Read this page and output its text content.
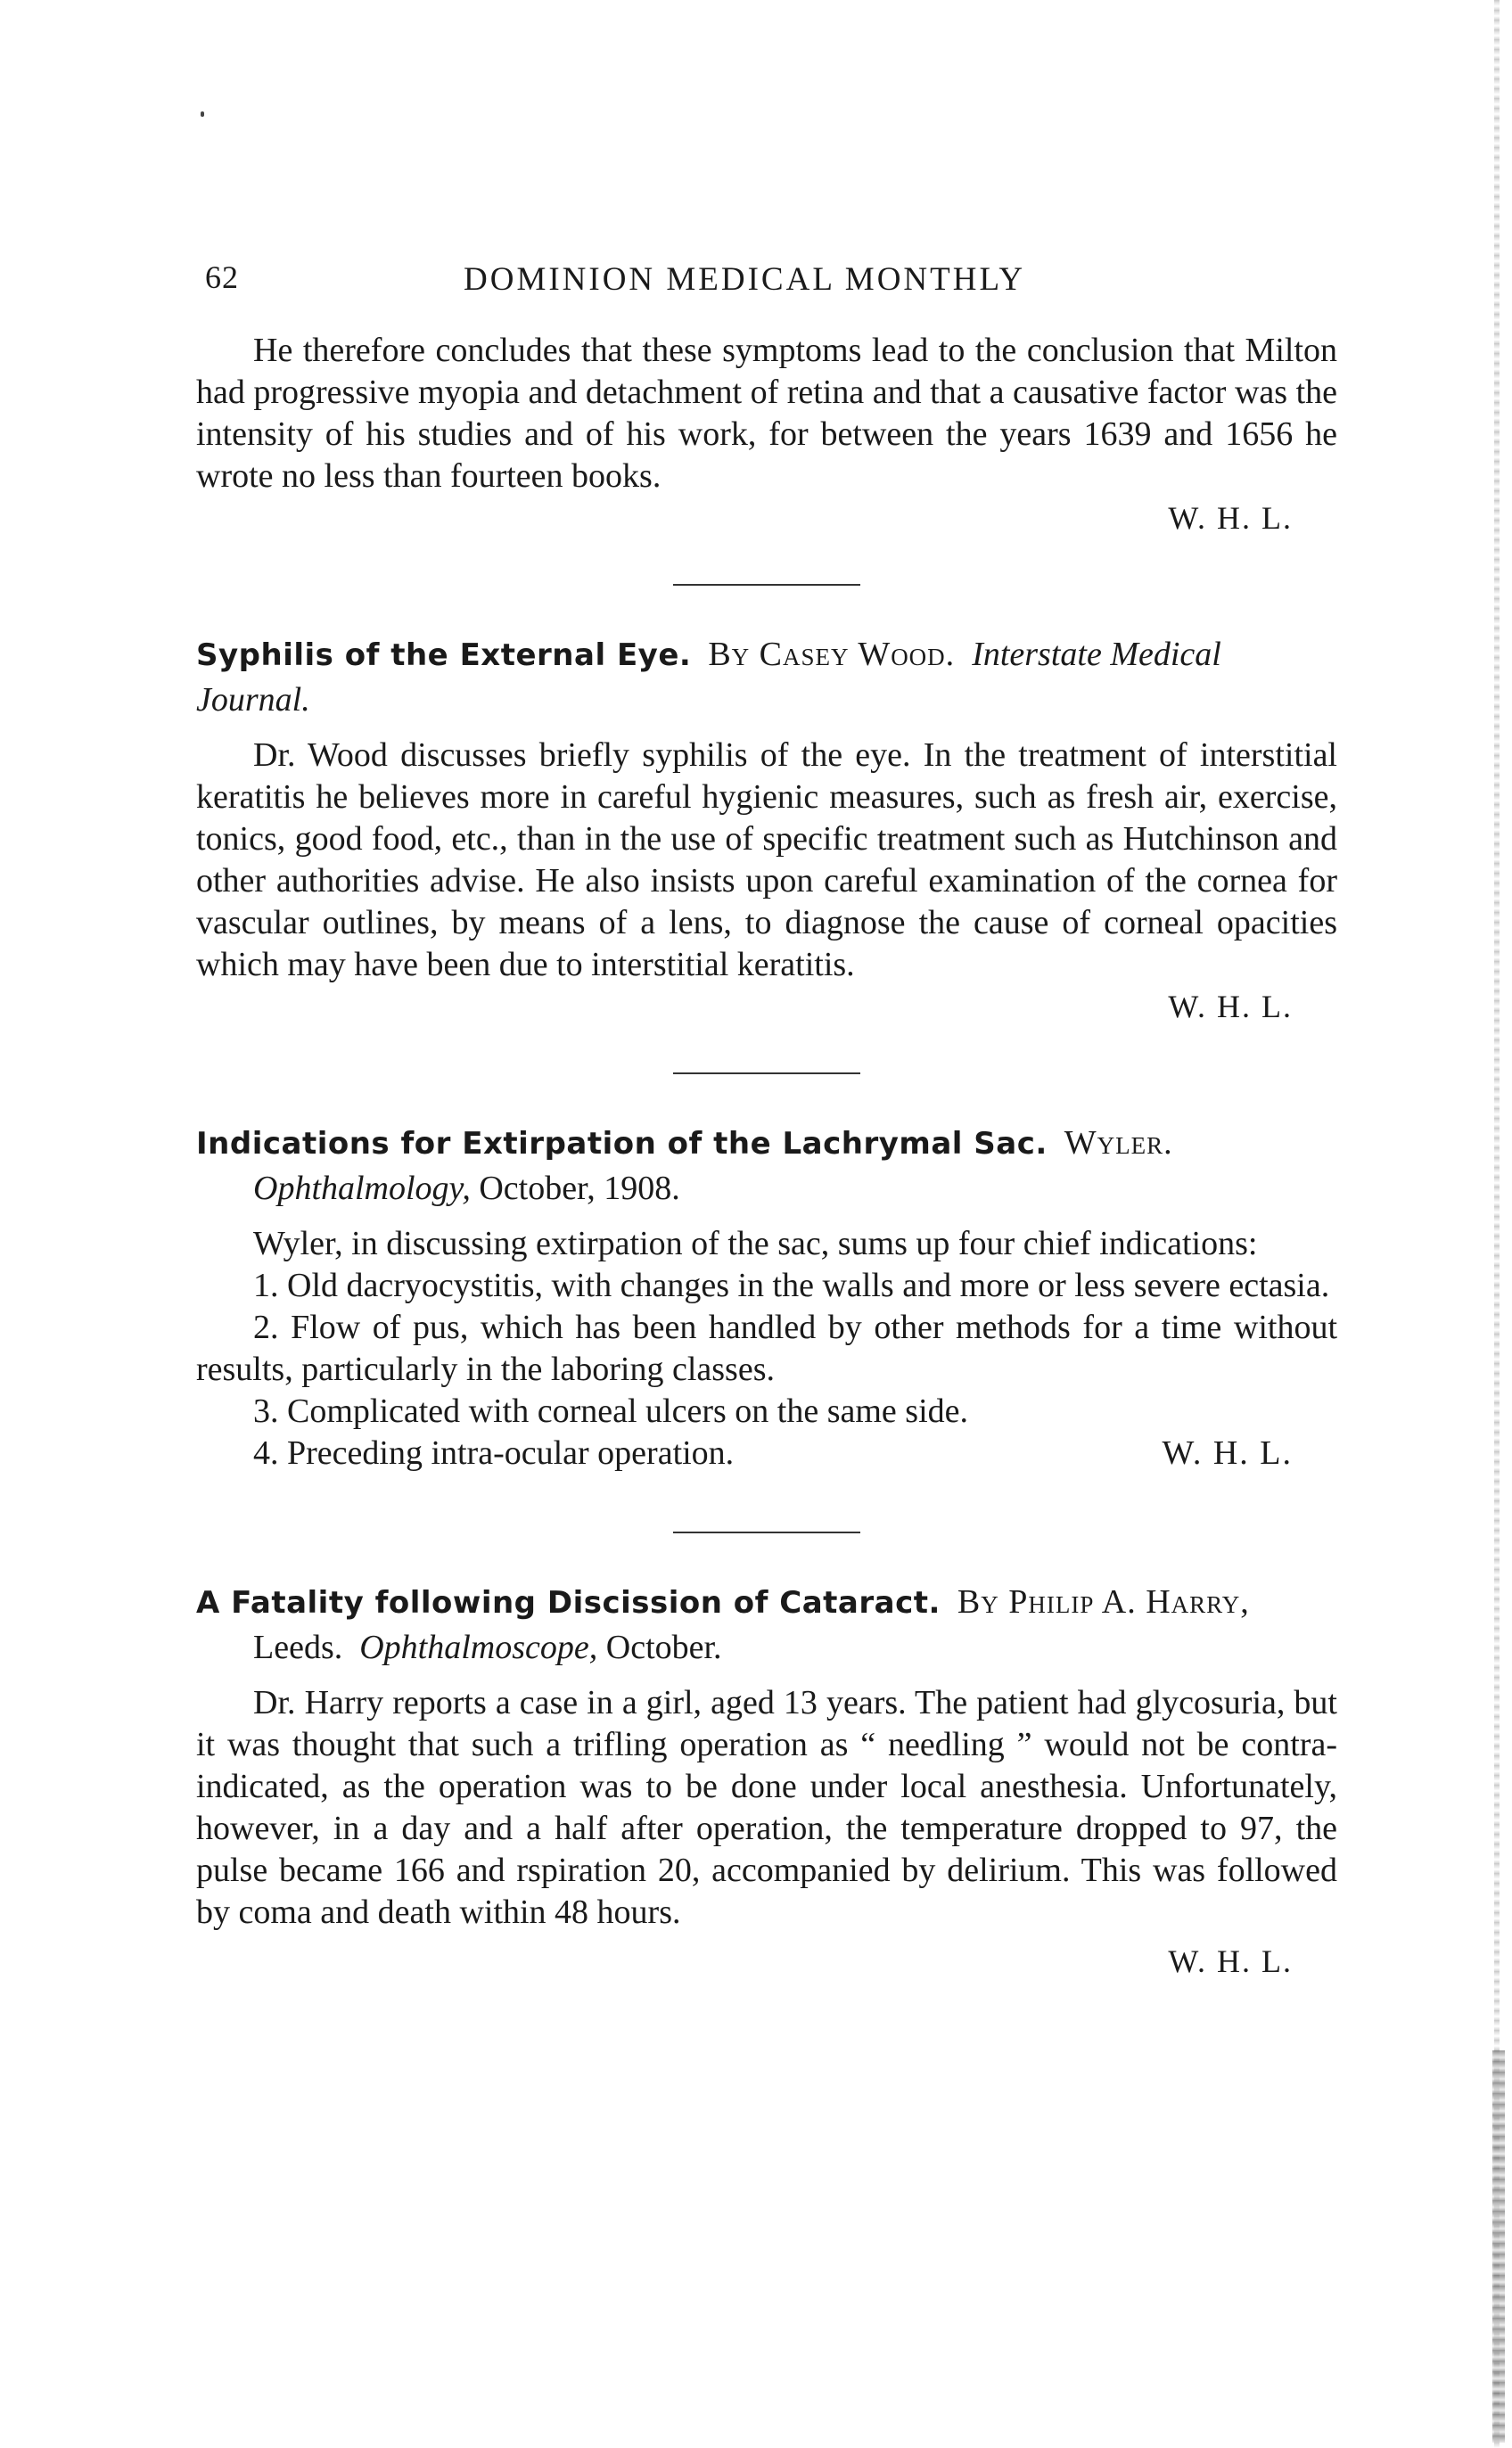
62	DOMINION MEDICAL MONTHLY

He therefore concludes that these symptoms lead to the conclusion that Milton had progressive myopia and detachment of retina and that a causative factor was the intensity of his studies and of his work, for between the years 1639 and 1656 he wrote no less than fourteen books.

W. H. L.
Syphilis of the External Eye. By Casey Wood. Interstate Medical Journal.

Dr. Wood discusses briefly syphilis of the eye. In the treatment of interstitial keratitis he believes more in careful hygienic measures, such as fresh air, exercise, tonics, good food, etc., than in the use of specific treatment such as Hutchinson and other authorities advise. He also insists upon careful examination of the cornea for vascular outlines, by means of a lens, to diagnose the cause of corneal opacities which may have been due to interstitial keratitis.

W. H. L.
Indications for Extirpation of the Lachrymal Sac. Wyler.
Ophthalmology, October, 1908.

Wyler, in discussing extirpation of the sac, sums up four chief indications:

1. Old dacryocystitis, with changes in the walls and more or less severe ectasia.

2. Flow of pus, which has been handled by other methods for a time without results, particularly in the laboring classes.

3. Complicated with corneal ulcers on the same side.

4. Preceding intra-ocular operation.	W. H. L.

A Fatality following Discission of Cataract. By Philip A. Harry,
Leeds. Ophthalmoscope, October.

Dr. Harry reports a case in a girl, aged 13 years. The patient had glycosuria, but it was thought that such a trifling operation as “ needling ” would not be contra-indicated, as the operation was to be done under local anesthesia. Unfortunately, however, in a day and a half after operation, the temperature dropped to 97, the pulse became 166 and rspiration 20, accompanied by delirium. This was followed by coma and death within 48 hours.

W. H. L.
